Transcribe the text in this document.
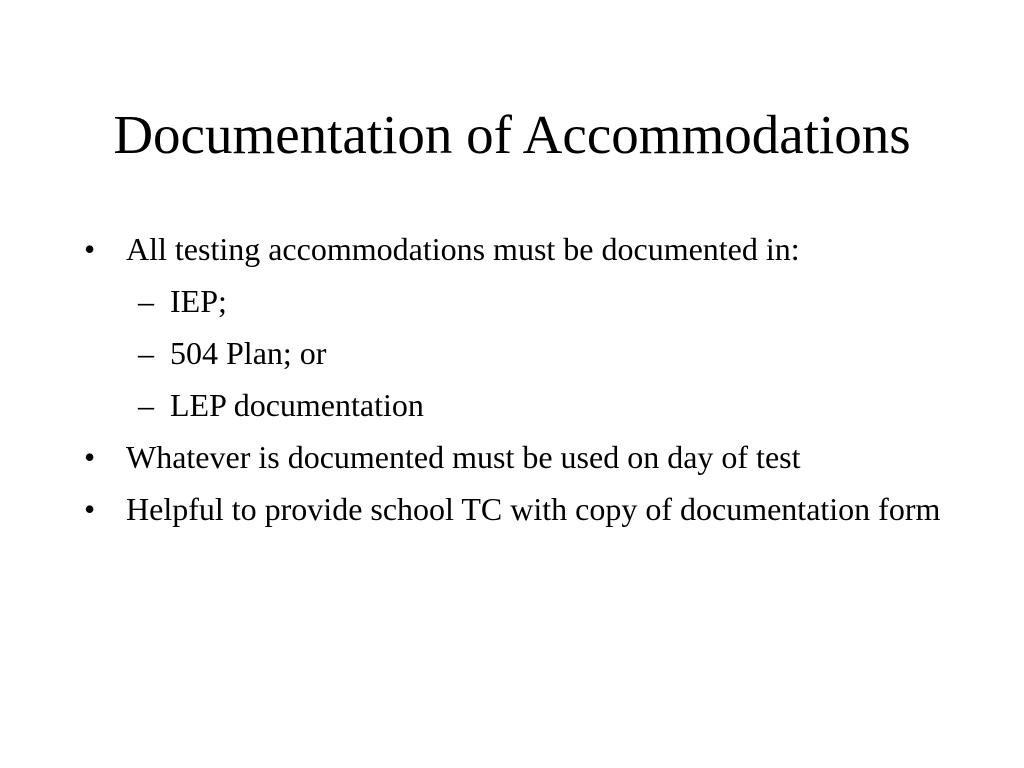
Documentation of Accommodations
• All testing accommodations must be documented in:
– IEP;
– 504 Plan; or
– LEP documentation
• Whatever is documented must be used on day of test
• Helpful to provide school TC with copy of documentation form
